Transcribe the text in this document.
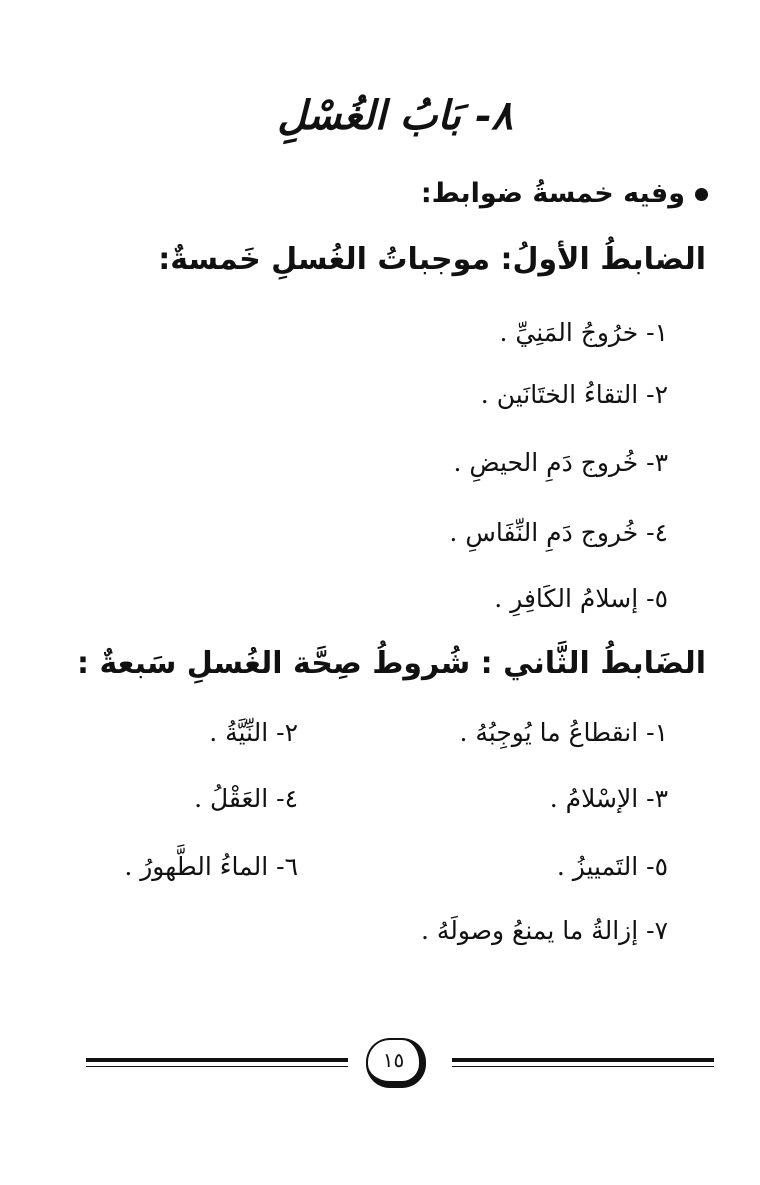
٨- بَابُ الغُسْلِ
وفيه خمسةُ ضوابط:
الضابطُ الأولُ: موجباتُ الغُسلِ خَمسةٌ:
١- خرُوجُ المَنِيِّ .
٢- التقاءُ الختَانَين .
٣- خُروج دَمِ الحيضِ .
٤- خُروج دَمِ النِّفَاسِ .
٥- إسلامُ الكَافِرِ .
الضَابطُ الثَّاني : شُروطُ صِحَّة الغُسلِ سَبعةٌ :
١- انقطاعُ ما يُوجِبُهُ .
٢- النِّيَّةُ .
٣- الإسْلامُ .
٤- العَقْلُ .
٥- التَمييزُ .
٦- الماءُ الطَّهورُ .
٧- إزالةُ ما يمنعُ وصولَهُ .
١٥
